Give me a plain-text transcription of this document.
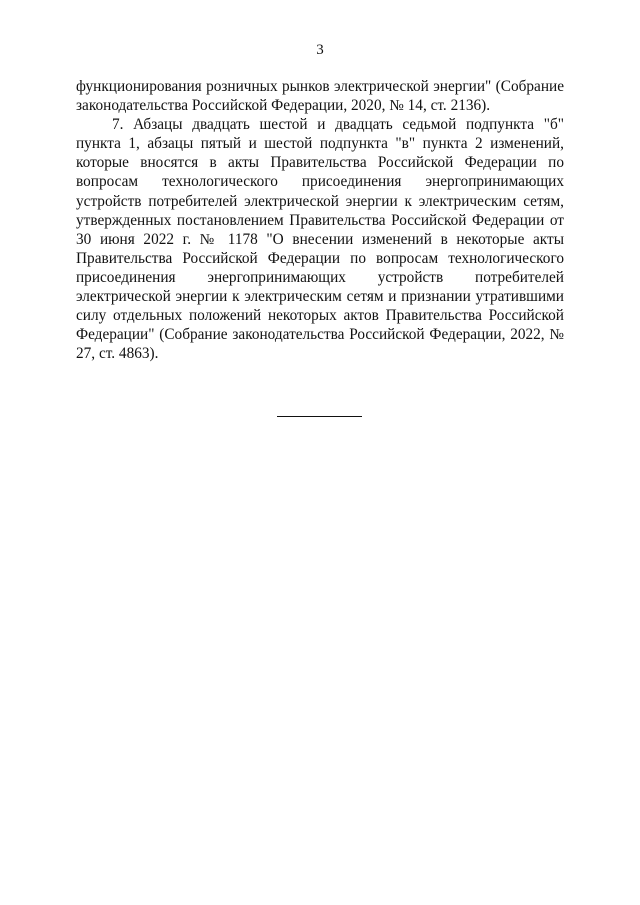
3

функционирования розничных рынков электрической энергии" (Собрание законодательства Российской Федерации, 2020, № 14, ст. 2136).

7. Абзацы двадцать шестой и двадцать седьмой подпункта "б" пункта 1, абзацы пятый и шестой подпункта "в" пункта 2 изменений, которые вносятся в акты Правительства Российской Федерации по вопросам технологического присоединения энергопринимающих устройств потребителей электрической энергии к электрическим сетям, утвержденных постановлением Правительства Российской Федерации от 30 июня 2022 г. № 1178 "О внесении изменений в некоторые акты Правительства Российской Федерации по вопросам технологического присоединения энергопринимающих устройств потребителей электрической энергии к электрическим сетям и признании утратившими силу отдельных положений некоторых актов Правительства Российской Федерации" (Собрание законодательства Российской Федерации, 2022, № 27, ст. 4863).
